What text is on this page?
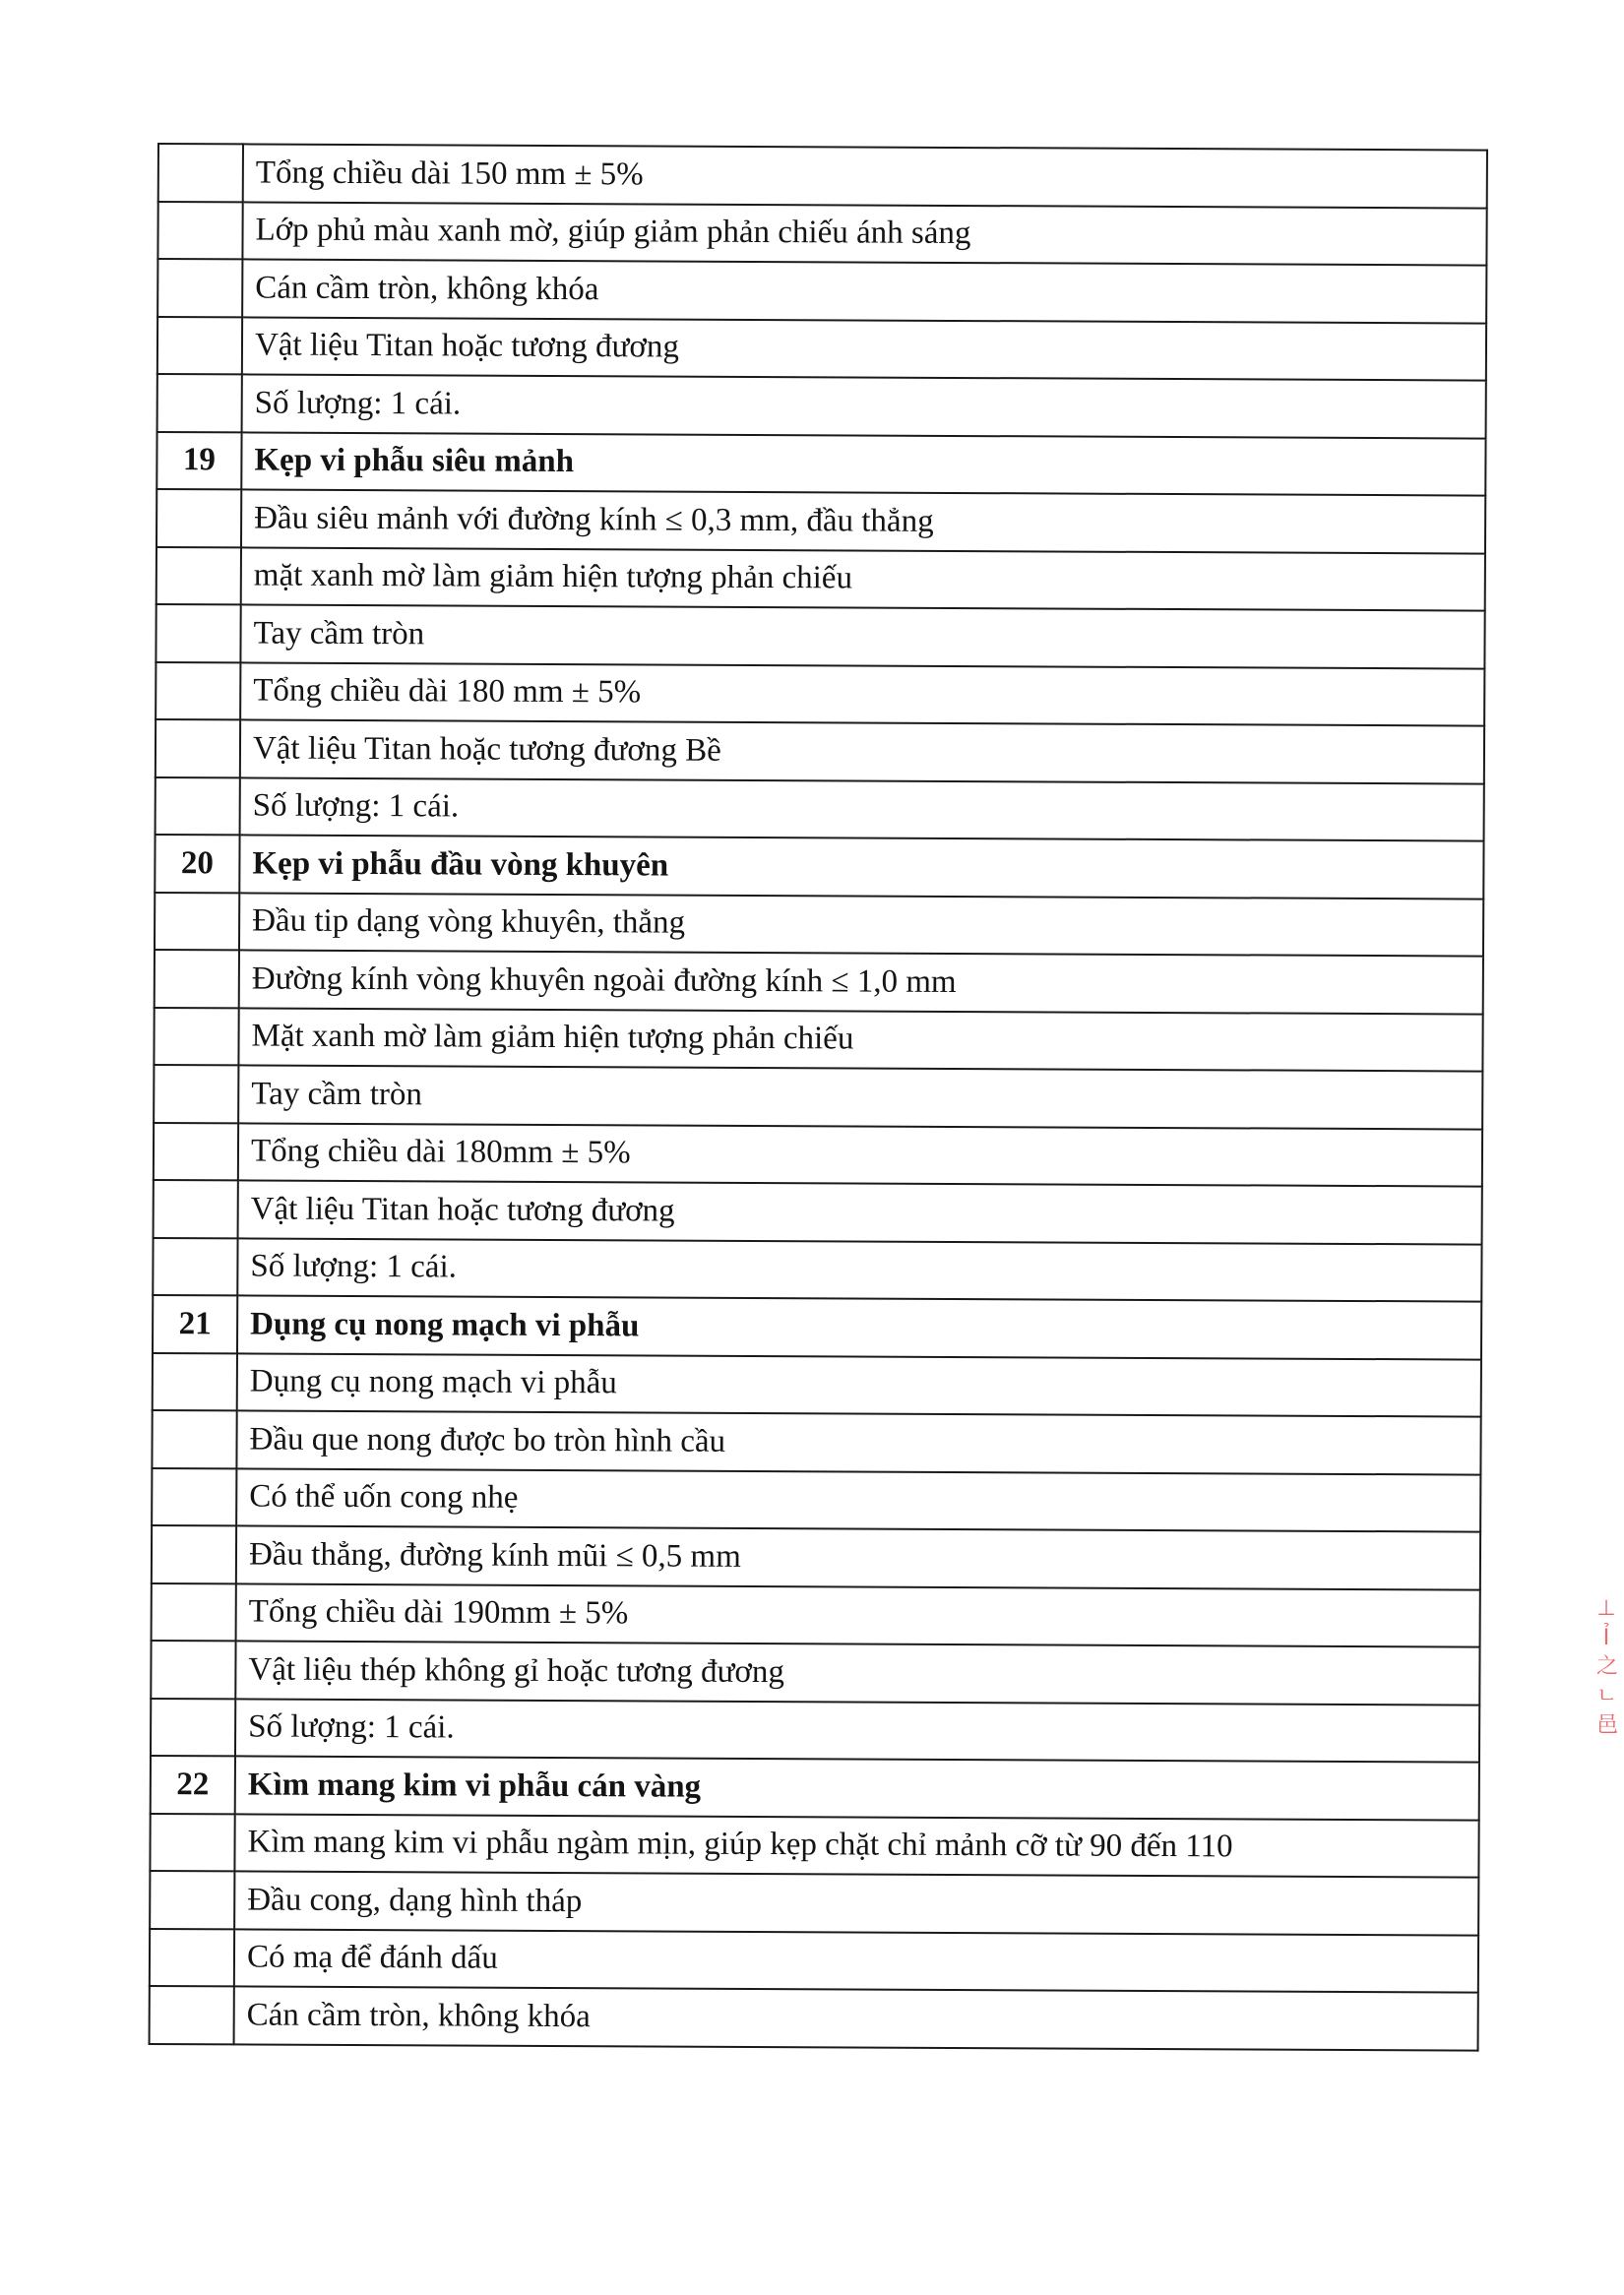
	Tổng chiều dài 150 mm ± 5%
	Lớp phủ màu xanh mờ, giúp giảm phản chiếu ánh sáng
	Cán cầm tròn, không khóa
	Vật liệu Titan hoặc tương đương
	Số lượng: 1 cái.
19	Kẹp vi phẫu siêu mảnh
	Đầu siêu mảnh với đường kính ≤ 0,3 mm, đầu thẳng
	mặt xanh mờ làm giảm hiện tượng phản chiếu
	Tay cầm tròn
	Tổng chiều dài 180 mm ± 5%
	Vật liệu Titan hoặc tương đương Bề
	Số lượng: 1 cái.
20	Kẹp vi phẫu đầu vòng khuyên
	Đầu tip dạng vòng khuyên, thẳng
	Đường kính vòng khuyên ngoài đường kính ≤ 1,0 mm
	Mặt xanh mờ làm giảm hiện tượng phản chiếu
	Tay cầm tròn
	Tổng chiều dài 180mm ± 5%
	Vật liệu Titan hoặc tương đương
	Số lượng: 1 cái.
21	Dụng cụ nong mạch vi phẫu
	Dụng cụ nong mạch vi phẫu
	Đầu que nong được bo tròn hình cầu
	Có thể uốn cong nhẹ
	Đầu thẳng, đường kính mũi ≤ 0,5 mm
	Tổng chiều dài 190mm ± 5%
	Vật liệu thép không gỉ hoặc tương đương
	Số lượng: 1 cái.
22	Kìm mang kim vi phẫu cán vàng
	Kìm mang kim vi phẫu ngàm mịn, giúp kẹp chặt chỉ mảnh cỡ từ 90 đến 110
	Đầu cong, dạng hình tháp
	Có mạ để đánh dấu
	Cán cầm tròn, không khóa
⊥
Ỉ
之
ㄴ
邑
